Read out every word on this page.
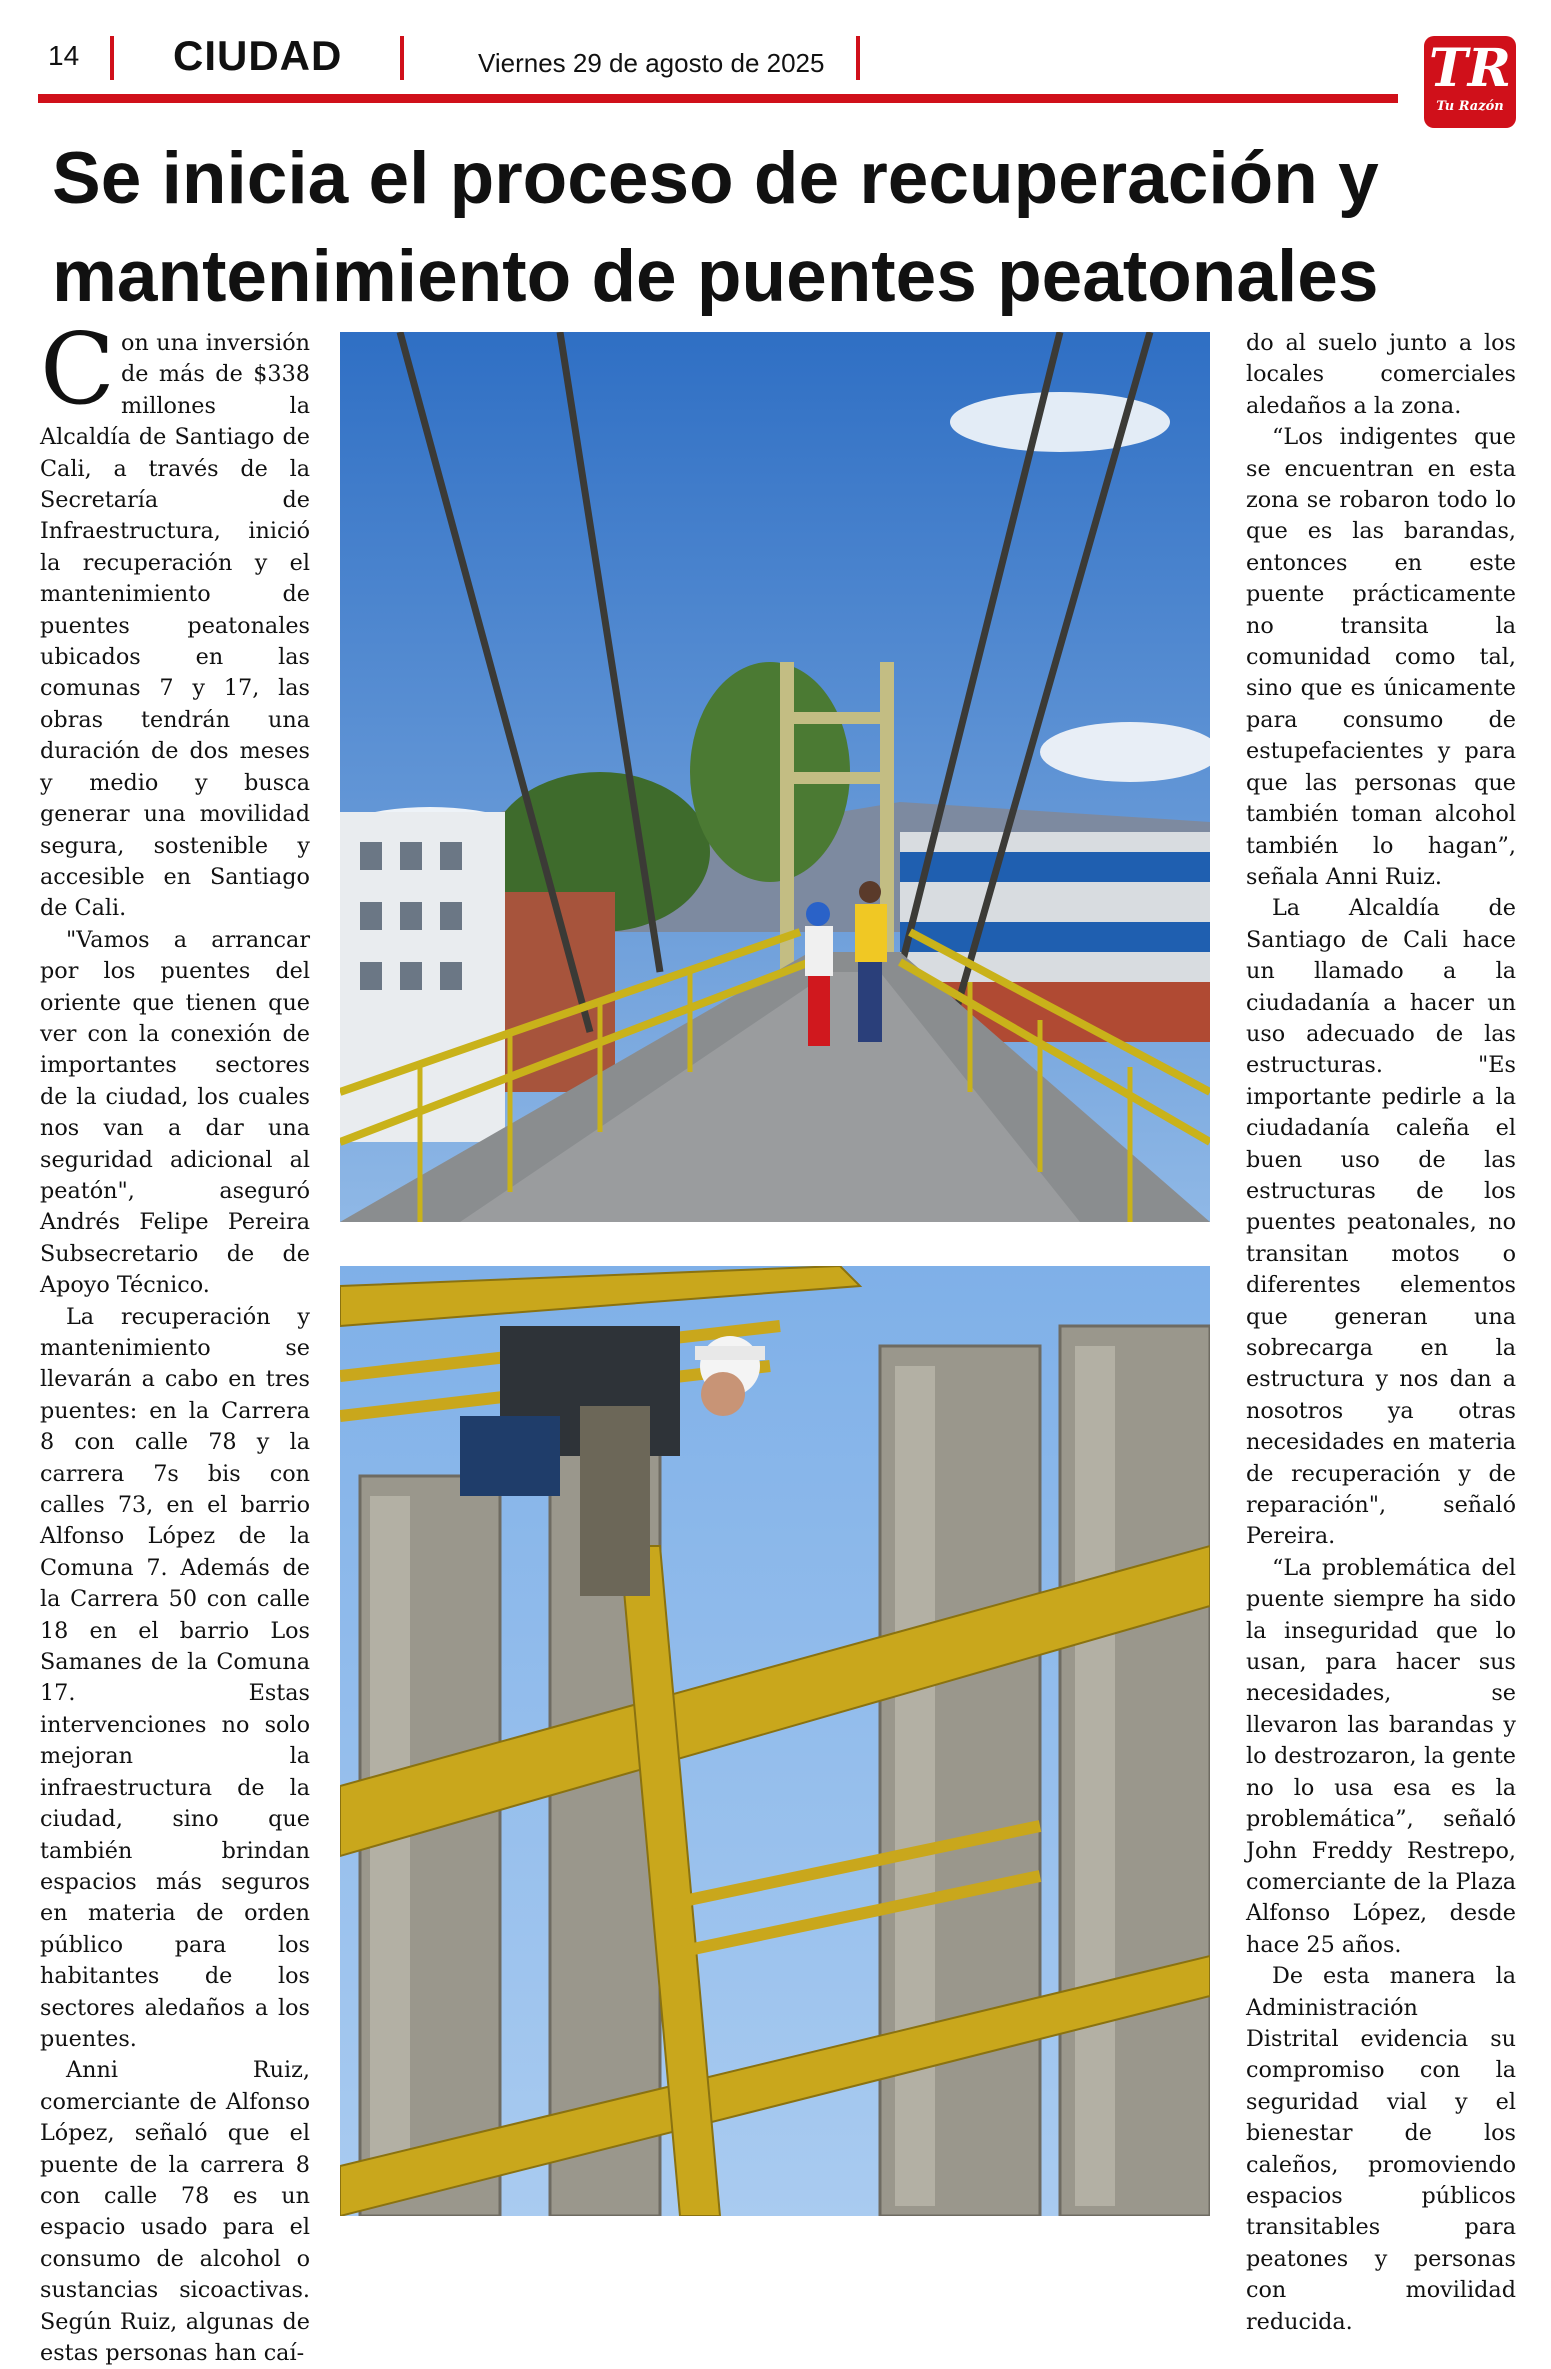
14 CIUDAD	Viernes 29 de agosto de 2025	TR
Tu Razón
Se inicia el proceso de recuperación y mantenimiento de puentes peatonales

Con una inversión de más de $338 millones la Alcaldía de Santiago de Cali, a través de la Secretaría de Infraestructura, inició la recuperación y el mantenimiento de puentes peatonales ubicados en las comunas 7 y 17, las obras tendrán una duración de dos meses y medio y busca generar una movilidad segura, sostenible y accesible en Santiago de Cali.

"Vamos a arrancar por los puentes del oriente que tienen que ver con la conexión de importantes sectores de la ciudad, los cuales nos van a dar una seguridad adicional al peatón", aseguró Andrés Felipe Pereira Subsecretario de de Apoyo Técnico.

La recuperación y mantenimiento se llevarán a cabo en tres puentes: en la Carrera 8 con calle 78 y la carrera 7s bis con calles 73, en el barrio Alfonso López de la Comuna 7. Además de la Carrera 50 con calle 18 en el barrio Los Samanes de la Comuna 17. Estas intervenciones no solo mejoran la infraestructura de la ciudad, sino que también brindan espacios más seguros en materia de orden público para los habitantes de los sectores aledaños a los puentes.

Anni Ruiz, comerciante de Alfonso López, señaló que el puente de la carrera 8 con calle 78 es un espacio usado para el consumo de alcohol o sustancias sicoactivas. Según Ruiz, algunas de estas personas han caí-

do al suelo junto a los locales comerciales aledaños a la zona.

“Los indigentes que se encuentran en esta zona se robaron todo lo que es las barandas, entonces en este puente prácticamente no transita la comunidad como tal, sino que es únicamente para consumo de estupefacientes y para que las personas que también toman alcohol también lo hagan”, señala Anni Ruiz.

La Alcaldía de Santiago de Cali hace un llamado a la ciudadanía a hacer un uso adecuado de las estructuras. "Es importante pedirle a la ciudadanía caleña el buen uso de las estructuras de los puentes peatonales, no transitan motos o diferentes elementos que generan una sobrecarga en la estructura y nos dan a nosotros ya otras necesidades en materia de recuperación y de reparación", señaló Pereira.

“La problemática del puente siempre ha sido la inseguridad que lo usan, para hacer sus necesidades, se llevaron las barandas y lo destrozaron, la gente no lo usa esa es la problemática”, señaló John Freddy Restrepo, comerciante de la Plaza Alfonso López, desde hace 25 años.

De esta manera la Administración Distrital evidencia su compromiso con la seguridad vial y el bienestar de los caleños, promoviendo espacios públicos transitables para peatones y personas con movilidad reducida.
